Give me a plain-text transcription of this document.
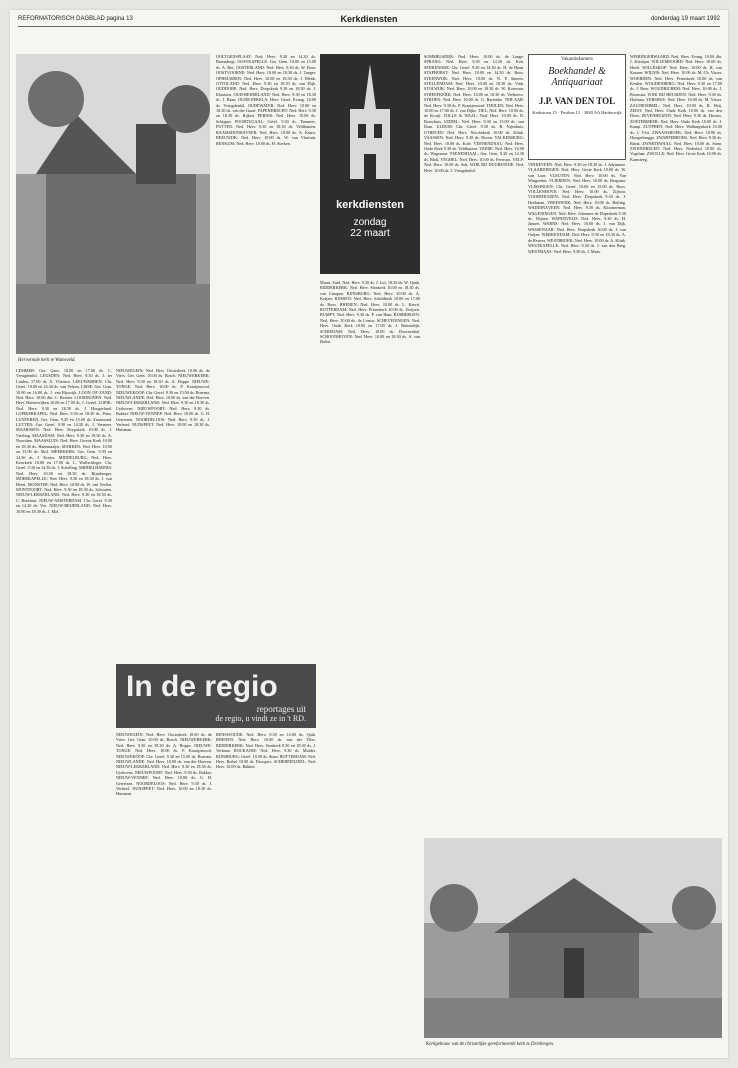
REFORMATORISCH DAGBLAD pagina 13	Kerkdiensten	donderdag 19 maart 1992
Hervormde kerk te Wamsveld.

LEMMER: Ger. Gem. 10.00 en 17.00 ds. C. Vreugdenhil. LEUSDEN: Ned. Herv. 9.30 ds. J. ter Linden, 17.00 ds. A. Vlietstra. LEEUWARDEN: Chr. Geref. 10.00 en 16.30 ds. van Velzen. LISSE: Ger. Gem. 10.00 en 16.00 ds. J. van Rijswijk. LOON OP ZAND: Ned. Herv. 10.00 dhr. C. Reinier. LOOSDUINEN: Ned. Herv. Buitenwijken 10.00 en 17.00 ds. J. Geriel. LOPIK: Ned. Herv. 9.30 en 18.30 ds. J. Hoogerland. LOPIKERKAPEL: Ned. Herv. 9.30 en 18.30 ds. Prins. LUNTEREN: Ger. Gem. 9.45 en 15.00 ds. Zuurmond. LUTTEN: Ger. Geref. 9.30 en 14.30 ds. J. Vermeer. MAARSSEN: Ned. Herv. Dorpskerk 10.00 ds. J. Vrieling. MAASDAM: Ned. Herv. 9.30 en 18.30 ds. A. Noordam. MAASSLUIS: Ned. Herv. Groote Kerk 10.00 en 18.30 ds. Hanemaaijer. MARKEN: Ned. Herv. 10.00 en 15.00 ds. Mol. MEERKERK: Ger. Gem. 9.30 en 14.30 ds. J. Koster. MIDDELBURG: Ned. Herv. Koorkerk 10.00 en 17.00 ds. L. Wullschleger. Chr. Geref. 9.30 en 14.30 ds. J. Schelling. MIDDELHARNIS: Ned. Herv. 10.00 en 18.30 ds. Rijnsburger. MOERKAPELLE: Ned. Herv. 9.30 en 18.30 ds. J. van Heest. MONSTER: Ned. Herv. 10.00 ds. W. van Veelen. MONTFOORT: Ned. Herv. 9.30 en 18.30 ds. Schouten. NIEUW-LEKKERLAND: Ned. Herv. 9.30 en 18.30 ds. C. Bonthuis. NIEUW-AMSTERDAM: Chr. Geref. 9.30 en 14.30 ds. Vos. NIEUW-BEIJERLAND: Ned. Herv. 10.00 en 18.30 ds. J. Mol.

NIEUWEGEIN: Ned. Herv. Oosterkerk 10.00 ds. de Vries. Ger. Gem. 10.00 ds. Bosch. NIEUWERKERK: Ned. Herv. 9.30 en 18.30 ds. A. Hoppe. NIEUWE-TONGE: Ned. Herv. 10.00 ds. P. Kraaijenoord. NIEUWEKOOP: Chr. Geref. 9.30 en 15.00 ds. Boerma. NIEUWLANDE: Ned. Herv. 10.00 ds. van der Hoeven. NIEUW-LEKKERLAND: Ned. Herv. 9.30 en 18.30 ds. Uythoven. NIEUWPOORT: Ned. Herv. 9.30 ds. Bakker. NIEUW-VENNEP: Ned. Herv. 10.00 ds. G. H. Gerretsen. NOORDELOOS: Ned. Herv. 9.30 ds. J. Verhoef. NUNSPEET: Ned. Herv. 10.00 en 18.30 ds. Huisman.

OOLTGENSPLAAT: Ned. Herv. 9.30 en 14.30 ds. Barendregt. OOSTKAPELLE: Ger. Gem. 10.00 en 15.00 ds. A. Bot. OOSTERLAND: Ned. Herv. 9.30 ds. W. Boer. OOSTVOORNE: Ned. Herv. 10.00 en 18.30 ds. J. Tanger. OPHEUSDEN: Ned. Herv. 10.00 en 18.30 ds. J. Blenk. OTTOLAND: Ned. Herv. 9.30 en 18.30 ds. van Dijk. OUDDORP: Ned. Herv. Dorpskerk 9.30 en 18.30 ds. J. Klaassen. OUD-BEIJERLAND: Ned. Herv. 9.30 en 18.30 ds. J. Baan. OUDE-PEKELA: Herv. Geref. Evang. 10.00 ds. Vreugdenhil. OUDEWATER: Ned. Herv. 10.00 en 18.30 ds. van der Graaf. PAPENDRECHT: Ned. Herv. 9.30 en 18.30 ds. Rijken. PERNIS: Ned. Herv. 10.00 ds. Schipper. POORTUGAAL: Geref. 9.30 ds. Timmers. PUTTEN: Ned. Herv. 9.30 en 18.30 ds. Veldhuizen. RAAMSDONKSVEER: Ned. Herv. 10.00 ds. A. Kunst. REEUWIJK: Ned. Herv. 10.00 ds. W. van Vlastuin. RENKUM: Ned. Herv. 10.00 ds. H. Sterken.

kerkdiensten
zondag
22 maart

Mauri, Zuid. Ned. Herv. 9.30 ds. J. Lof, 18.30 ds. W. Quak. RIDDERKERK: Ned. Herv. Sionkerk 10.00 en 18.30 ds. van Campen. RIJNSBURG: Ned. Herv. 10.00 ds. A. Keijzer. RIJSSEN: Ned. Herv. Schildkerk 10.00 en 17.00 ds. Roos. RHENEN: Ned. Herv. 10.00 ds. L. Kievit. ROTTERDAM: Ned. Herv. Prinsekerk 10.00 ds. Zwijsen. RUMPT: Ned. Herv. 9.30 ds. P. van Ham. RIJSBERGEN: Ned. Herv. 10.00 ds. de Leeuw. SCHEVENINGEN: Ned. Herv. Oude Kerk 10.00 en 17.00 ds. J. Buitendijk. SCHIEDAM: Ned. Herv. 10.00 ds. Doornenbal. SCHOONHOVEN: Ned. Herv. 10.00 en 18.30 ds. A. van Balen.

In de regio
reportages uit
de regio, u vindt ze in 't RD.

NIEUWEGEIN: Ned. Herv. Oosterkerk 10.00 ds. de Vries. Ger. Gem. 10.00 ds. Bosch. NIEUWERKERK: Ned. Herv. 9.30 en 18.30 ds. A. Hoppe. NIEUWE-TONGE: Ned. Herv. 10.00 ds. P. Kraaijenoord. NIEUWEKOOP: Chr. Geref. 9.30 en 15.00 ds. Boerma. NIEUWLANDE: Ned. Herv. 10.00 ds. van der Hoeven. NIEUW-LEKKERLAND: Ned. Herv. 9.30 en 18.30 ds. Uythoven. NIEUWPOORT: Ned. Herv. 9.30 ds. Bakker. NIEUW-VENNEP: Ned. Herv. 10.00 ds. G. H. Gerretsen. NOORDELOOS: Ned. Herv. 9.30 ds. J. Verhoef. NUNSPEET: Ned. Herv. 10.00 en 18.30 ds. Huisman.

RENSWOUDE: Ned. Herv. 9.30 en 14.00 ds. Quik. RHENEN: Ned. Herv. 10.00 ds. van der Vlies. RIDDERKERK: Ned. Herv. Sionkerk 9.30 en 18.30 ds. J. Verbaan. ROCKANJE: Ned. Herv. 9.30 ds. Mulder. RIJNSBURG: Geref. 10.00 ds. Stam. ROTTERDAM: Ned. Herv. Bethel 10.00 ds. Droogers. SCHERPENZEEL: Ned. Herv. 10.00 ds. Bakker.

SOMMELSDIJK: Ned. Herv. 10.00 ds. de Lange. SPRANG: Ned. Herv. 9.30 en 14.30 ds. Kok. SPIJKENISSE: Chr. Geref. 9.30 en 14.30 ds. H. de Haan. STAPHORST: Ned. Herv. 10.00 en 14.30 ds. Roos. STEENWIJK: Ned. Herv. 10.00 ds. N. P. Smeets. STELLENDAM: Ned. Herv. 10.00 en 18.30 ds. Vink. STOLWIJK: Ned. Herv. 10.00 en 18.30 ds. W. Korevaar. STREEFKERK: Ned. Herv. 10.00 en 18.30 ds. Verhoeve. STRIJEN: Ned. Herv. 10.00 ds. G. Barendse. TER AAR: Ned. Herv. 9.30 ds. P. Kraaijenoord. THOLEN: Ned. Herv. 10.00 en 17.00 ds. J. van Dijke. TIEL: Ned. Herv. 10.00 ds. de Kruijf. TOLLE & WAAL: Ned. Herv. 10.00 ds. B. Bouwhuis. UDDEL: Ned. Herv. 9.30 en 15.00 ds. van Dam. ULRUM: Chr. Geref. 9.30 ds. B. Nijenhuis. UTRECHT: Ned. Herv. Nicolaïkerk 10.00 ds. Klink. VAASSEN: Ned. Herv. 9.30 ds. Doorn. VALKENBURG: Ned. Herv. 10.00 ds. Kole. VEENENDAAL: Ned. Herv. Oude Kerk 9.30 ds. Veldhuizen. VEERE: Ned. Herv. 10.00 ds. Wagenaar. VEENENDAAL: Ger. Gem. 9.30 en 14.30 ds. Blok. VEGHEL: Ned. Herv. 10.00 ds. Feenstra. VELP: Ned. Herv. 10.00 ds. Sok. WIJK BIJ DUURSTEDE: Ned. Herv. 10.00 ds. J. Vreugdenhil.

Vakantiekamers
Boekhandel &
Antiquariaat
J.P. VAN DEN TOL
Kerkstraat 15 · Postbus 13 · 3840 AA Harderwijk

VINKEVEEN: Ned. Herv. 9.30 en 18.30 ds. J. Adriaanse. VLAARDINGEN: Ned. Herv. Grote Kerk 10.00 ds. W. van Laar. VLEUTEN: Ned. Herv. 10.00 ds. Van Wingerden. VLIERDEN: Ned. Herv. 10.00 ds. Bergsma. VLISSINGEN: Chr. Geref. 10.00 en 15.00 ds. Roos. VOLLENHOVE: Ned. Herv. 10.00 ds. Zijlstra. VOORTHUIZEN: Ned. Herv. Dorpskerk 9.30 ds. J. Hoekman. VREESWIJK: Ned. Herv. 10.00 ds. Heiling. WADDINXVEEN: Ned. Herv. 9.30 ds. Kloosterman. WAGENINGEN: Ned. Herv. Johannes de Doperkerk 9.30 ds. Wijnen. WAPENVELD: Ned. Herv. 9.30 ds. H. Jansen. WARNS: Ned. Herv. 10.00 ds. J. van Dijk. WASSENAAR: Ned. Herv. Dorpskerk 10.00 ds. J. van Ooijen. WERKENDAM: Ned. Herv. 9.30 en 18.30 ds. A. de Reuver. WESTBROEK: Ned. Herv. 10.00 ds. A. Klink. WESTKAPELLE: Ned. Herv. 9.30 ds. J. van den Berg. WESTMAAS: Ned. Herv. 9.30 ds. J. Maas.

WIERINGERWAARD: Ned. Herv. Evang. 10.00 dhr. J. Kleinjan. WILLEMSOORD: Ned. Herv. 10.00 ds. Hoek. WILLESKOP: Ned. Herv. 10.00 ds. R. van Kooten. WILNIS: Ned. Herv. 10.00 ds. M. Ch. Visser. WOERDEN: Ned. Herv. Petruskerk 10.00 ds. van Keulen. WOUDENBERG: Ned. Herv. 9.30 en 17.00 ds. J. Boer. WOUDRICHEM: Ned. Herv. 10.00 ds. J. Boonstra. WIJK BIJ HEUSDEN: Ned. Herv. 9.30 ds. Hofman. YERSEKE: Ned. Herv. 10.00 ds. M. Visser. ZALTBOMMEL: Ned. Herv. 10.00 ds. B. Heij. ZEIST: Ned. Herv. Oude Kerk 10.00 ds. van den Dries. ZEVENHUIZEN: Ned. Herv. 9.30 ds. Hovius. ZOETERMEER: Ned. Herv. Oude Kerk 10.00 ds. J. Kamp. ZUTPHEN: Ned. Herv. Walburgiskerk 10.00 ds. J. Vlot. ZWAANSHOEK: Ned. Herv. 10.00 ds. Hoogerbrugge. ZWARTEBROEK: Ned. Herv. 9.30 ds. Brink. ZWARTEWAAL: Ned. Herv. 10.00 ds. Stam. ZWIJNDRECHT: Ned. Herv. Nederhof 10.00 ds. Vogelaar. ZWOLLE: Ned. Herv. Grote Kerk 10.00 ds. Kamsteeg.

Kerkgebouw van de christelijke gereformeerde kerk te Driebergen.
